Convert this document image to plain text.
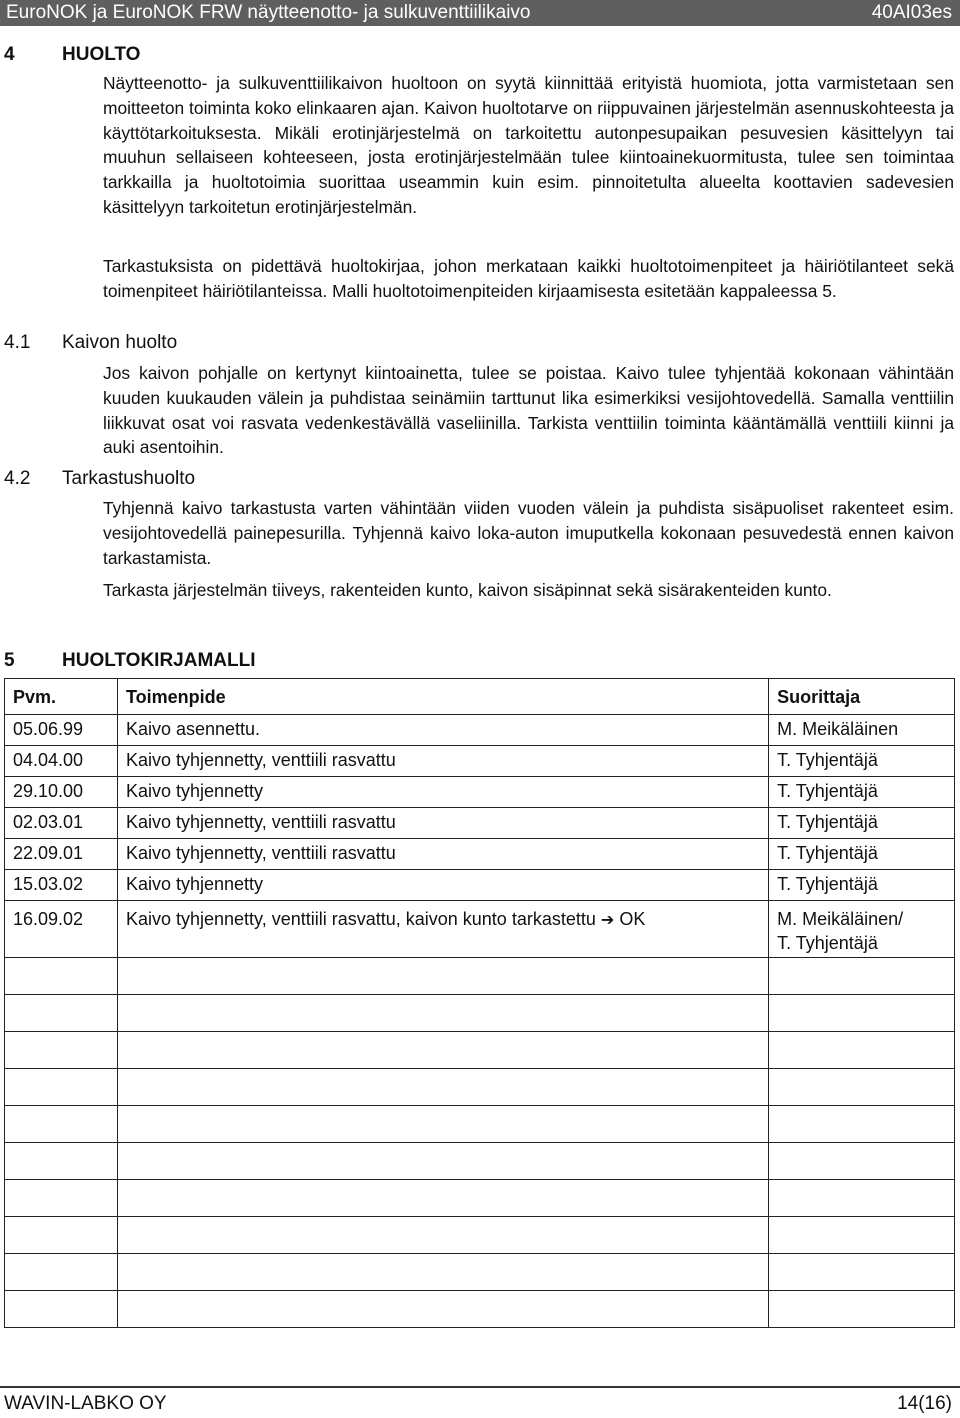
EuroNOK ja EuroNOK FRW näytteenotto- ja sulkuventtiilikaivo	40AI03es
4 HUOLTO

Näytteenotto- ja sulkuventtiilikaivon huoltoon on syytä kiinnittää erityistä huomiota, jotta varmistetaan sen moitteeton toiminta koko elinkaaren ajan. Kaivon huoltotarve on riippuvainen järjestelmän asennuskohteesta ja käyttötarkoituksesta. Mikäli erotinjärjestelmä on tarkoitettu autonpesupaikan pesuvesien käsittelyyn tai muuhun sellaiseen kohteeseen, josta erotinjärjestelmään tulee kiintoainekuormitusta, tulee sen toimintaa tarkkailla ja huoltotoimia suorittaa useammin kuin esim. pinnoitetulta alueelta koottavien sadevesien käsittelyyn tarkoitetun erotinjärjestelmän.

Tarkastuksista on pidettävä huoltokirjaa, johon merkataan kaikki huoltotoimenpiteet ja häiriötilanteet sekä toimenpiteet häiriötilanteissa. Malli huoltotoimenpiteiden kirjaamisesta esitetään kappaleessa 5.

4.1 Kaivon huolto

Jos kaivon pohjalle on kertynyt kiintoainetta, tulee se poistaa. Kaivo tulee tyhjentää kokonaan vähintään kuuden kuukauden välein ja puhdistaa seinämiin tarttunut lika esimerkiksi vesijohtovedellä. Samalla venttiilin liikkuvat osat voi rasvata vedenkestävällä vaseliinilla. Tarkista venttiilin toiminta kääntämällä venttiili kiinni ja auki asentoihin.

4.2 Tarkastushuolto

Tyhjennä kaivo tarkastusta varten vähintään viiden vuoden välein ja puhdista sisäpuoliset rakenteet esim. vesijohtovedellä painepesurilla. Tyhjennä kaivo loka-auton imuputkella kokonaan pesuvedestä ennen kaivon tarkastamista.

Tarkasta järjestelmän tiiveys, rakenteiden kunto, kaivon sisäpinnat sekä sisärakenteiden kunto.

5 HUOLTOKIRJAMALLI
Pvm.	Toimenpide	Suorittaja
05.06.99	Kaivo asennettu.	M. Meikäläinen
04.04.00	Kaivo tyhjennetty, venttiili rasvattu	T. Tyhjentäjä
29.10.00	Kaivo tyhjennetty	T. Tyhjentäjä
02.03.01	Kaivo tyhjennetty, venttiili rasvattu	T. Tyhjentäjä
22.09.01	Kaivo tyhjennetty, venttiili rasvattu	T. Tyhjentäjä
15.03.02	Kaivo tyhjennetty	T. Tyhjentäjä
16.09.02	Kaivo tyhjennetty, venttiili rasvattu, kaivon kunto tarkastettu ➔ OK	M. Meikäläinen/
T. Tyhjentäjä

WAVIN-LABKO OY	14(16)
